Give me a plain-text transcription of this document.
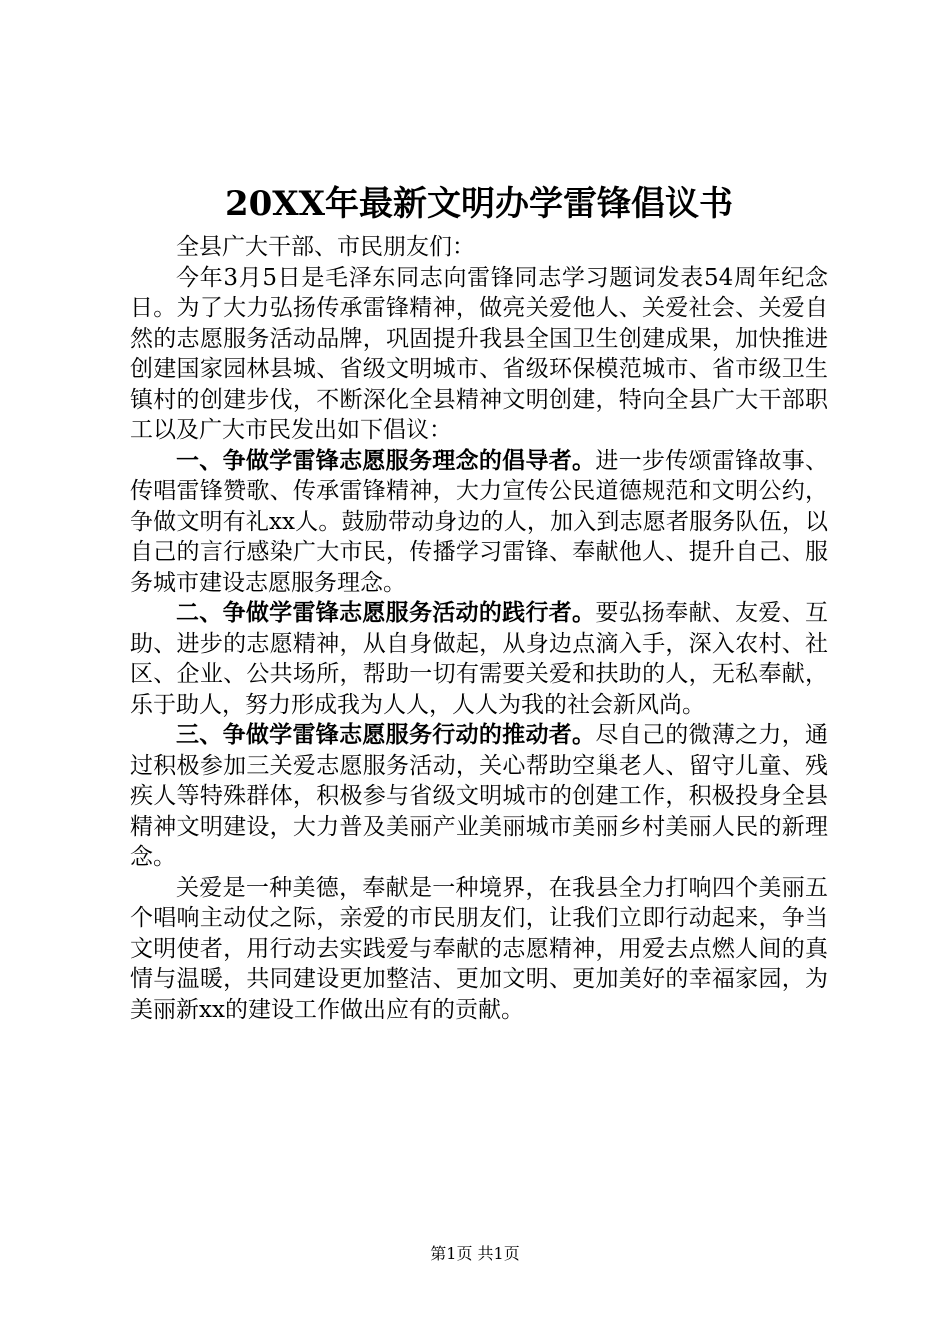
20XX年最新文明办学雷锋倡议书

全县广大干部、市民朋友们：

今年3月5日是毛泽东同志向雷锋同志学习题词发表54周年纪念日。为了大力弘扬传承雷锋精神，做亮关爱他人、关爱社会、关爱自然的志愿服务活动品牌，巩固提升我县全国卫生创建成果，加快推进创建国家园林县城、省级文明城市、省级环保模范城市、省市级卫生镇村的创建步伐，不断深化全县精神文明创建，特向全县广大干部职工以及广大市民发出如下倡议：

一、争做学雷锋志愿服务理念的倡导者。进一步传颂雷锋故事、传唱雷锋赞歌、传承雷锋精神，大力宣传公民道德规范和文明公约，争做文明有礼xx人。鼓励带动身边的人，加入到志愿者服务队伍，以自己的言行感染广大市民，传播学习雷锋、奉献他人、提升自己、服务城市建设志愿服务理念。

二、争做学雷锋志愿服务活动的践行者。要弘扬奉献、友爱、互助、进步的志愿精神，从自身做起，从身边点滴入手，深入农村、社区、企业、公共场所，帮助一切有需要关爱和扶助的人，无私奉献，乐于助人，努力形成我为人人，人人为我的社会新风尚。

三、争做学雷锋志愿服务行动的推动者。尽自己的微薄之力，通过积极参加三关爱志愿服务活动，关心帮助空巢老人、留守儿童、残疾人等特殊群体，积极参与省级文明城市的创建工作，积极投身全县精神文明建设，大力普及美丽产业美丽城市美丽乡村美丽人民的新理念。

关爱是一种美德，奉献是一种境界，在我县全力打响四个美丽五个唱响主动仗之际，亲爱的市民朋友们，让我们立即行动起来，争当文明使者，用行动去实践爱与奉献的志愿精神，用爱去点燃人间的真情与温暖，共同建设更加整洁、更加文明、更加美好的幸福家园，为美丽新xx的建设工作做出应有的贡献。

第1页 共1页
